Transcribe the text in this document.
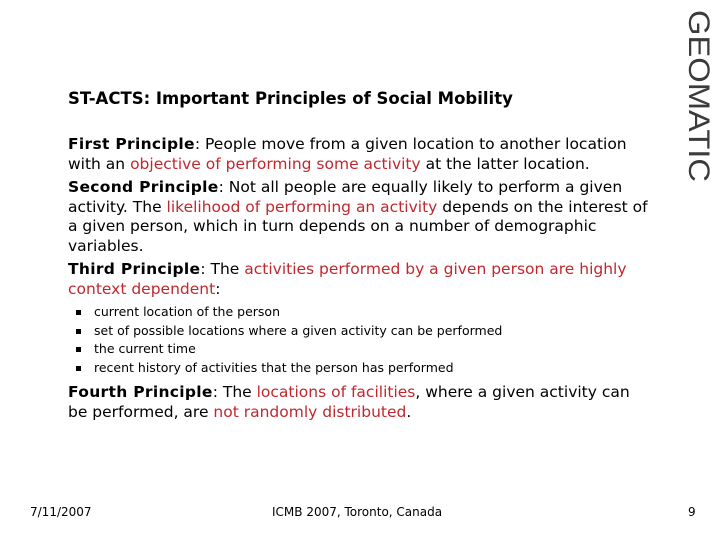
GEOMATIC
ST-ACTS: Important Principles of Social Mobility

First Principle: People move from a given location to another location with an objective of performing some activity at the latter location.

Second Principle: Not all people are equally likely to perform a given activity. The likelihood of performing an activity depends on the interest of a given person, which in turn depends on a number of demographic variables.

Third Principle: The activities performed by a given person are highly context dependent:

current location of the person
set of possible locations where a given activity can be performed
the current time
recent history of activities that the person has performed

Fourth Principle: The locations of facilities, where a given activity can be performed, are not randomly distributed.

7/11/2007	ICMB 2007, Toronto, Canada	9
